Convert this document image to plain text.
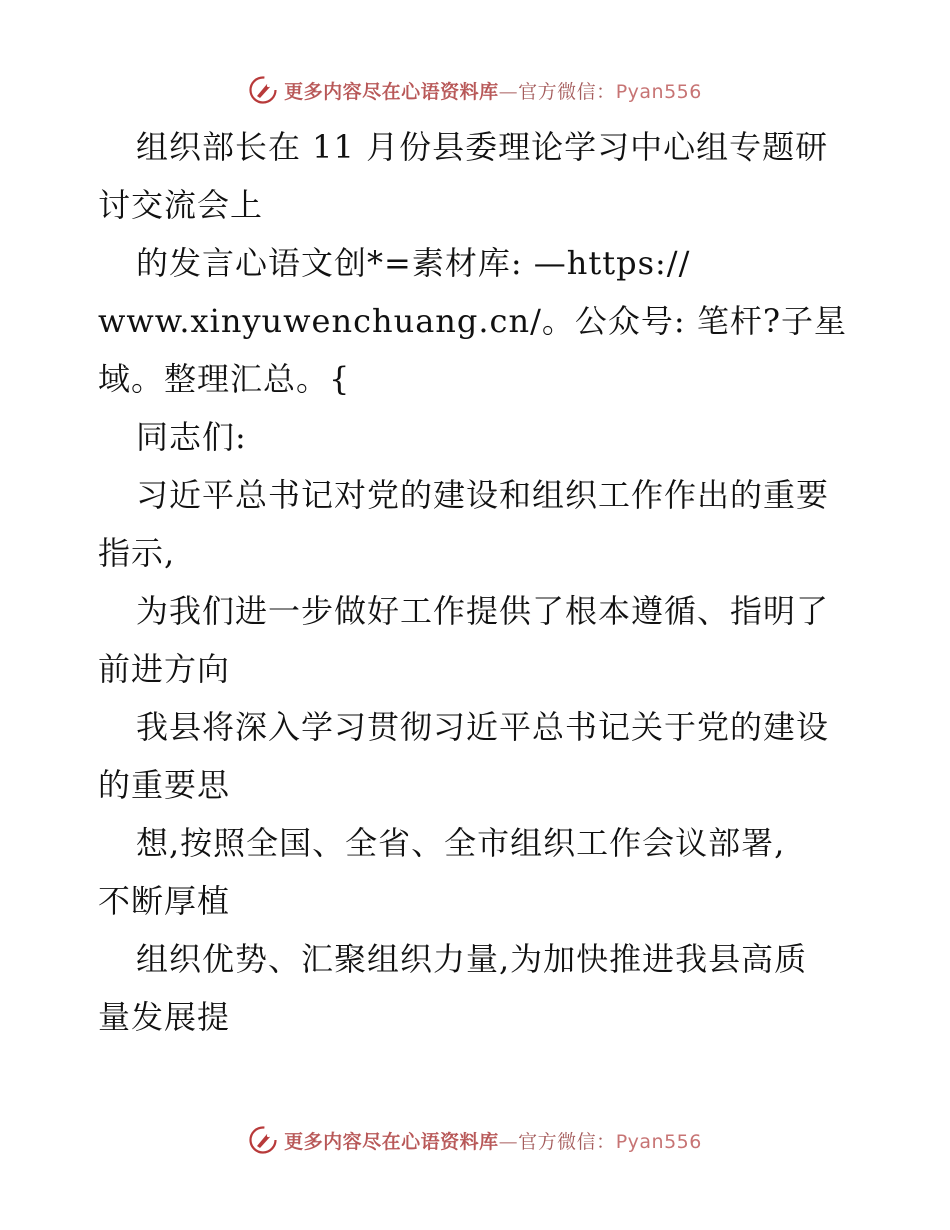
更多内容尽在心语资料库—官方微信：Pyan556
组织部长在 11 月份县委理论学习中心组专题研
讨交流会上
的发言心语文创*=素材库: —https://
www.xinyuwenchuang.cn/。公众号: 笔杆?子星
域。整理汇总。{
同志们:
习近平总书记对党的建设和组织工作作出的重要
指示,
为我们进一步做好工作提供了根本遵循、指明了
前进方向
我县将深入学习贯彻习近平总书记关于党的建设
的重要思
想,按照全国、全省、全市组织工作会议部署,
不断厚植
组织优势、汇聚组织力量,为加快推进我县高质
量发展提
更多内容尽在心语资料库—官方微信：Pyan556
